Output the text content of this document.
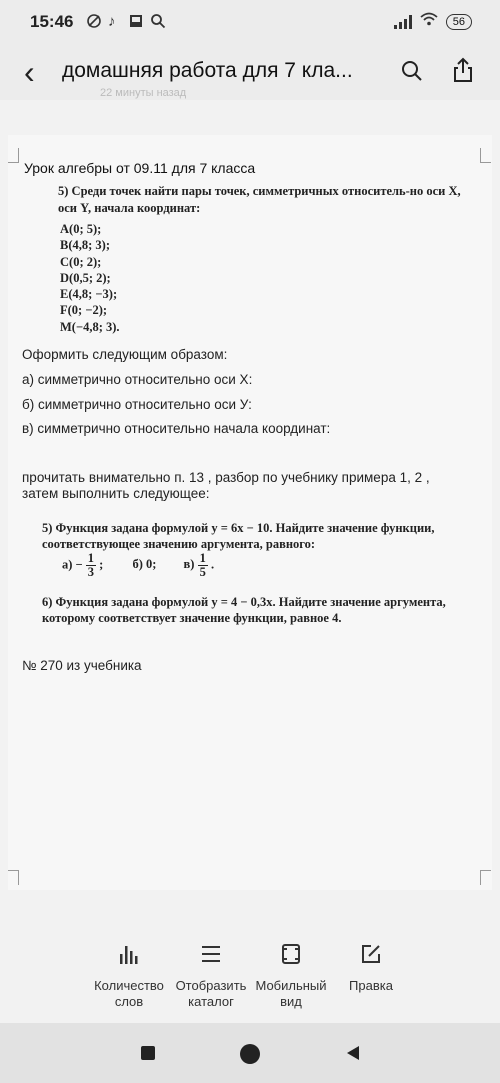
15:46 ♪	56
‹ домашняя работа для 7 кла...
22 минуты назад
Урок алгебры от 09.11 для 7 класса
5) Среди точек найти пары точек, симметричных относитель-но оси X, оси Y, начала координат:
A(0; 5);
B(4,8; 3);
C(0; 2);
D(0,5; 2);
E(4,8; −3);
F(0; −2);
M(−4,8; 3).
Оформить следующим образом:
а) симметрично относительно оси Х:
б) симметрично относительно оси У:
в) симметрично относительно начала координат:
прочитать внимательно п. 13 , разбор по учебнику примера 1, 2 , затем выполнить следующее:
5) Функция задана формулой y = 6x − 10. Найдите значение функции, соответствующее значению аргумента, равного:
$а) - \frac{1}{3}$ ; б) 0; $в) \frac{1}{5}$ .
6) Функция задана формулой y = 4 − 0,3x. Найдите значение аргумента, которому соответствует значение функции, равное 4.
№ 270 из учебника
Количество слов
Отобразить каталог
Мобильный вид
Правка
